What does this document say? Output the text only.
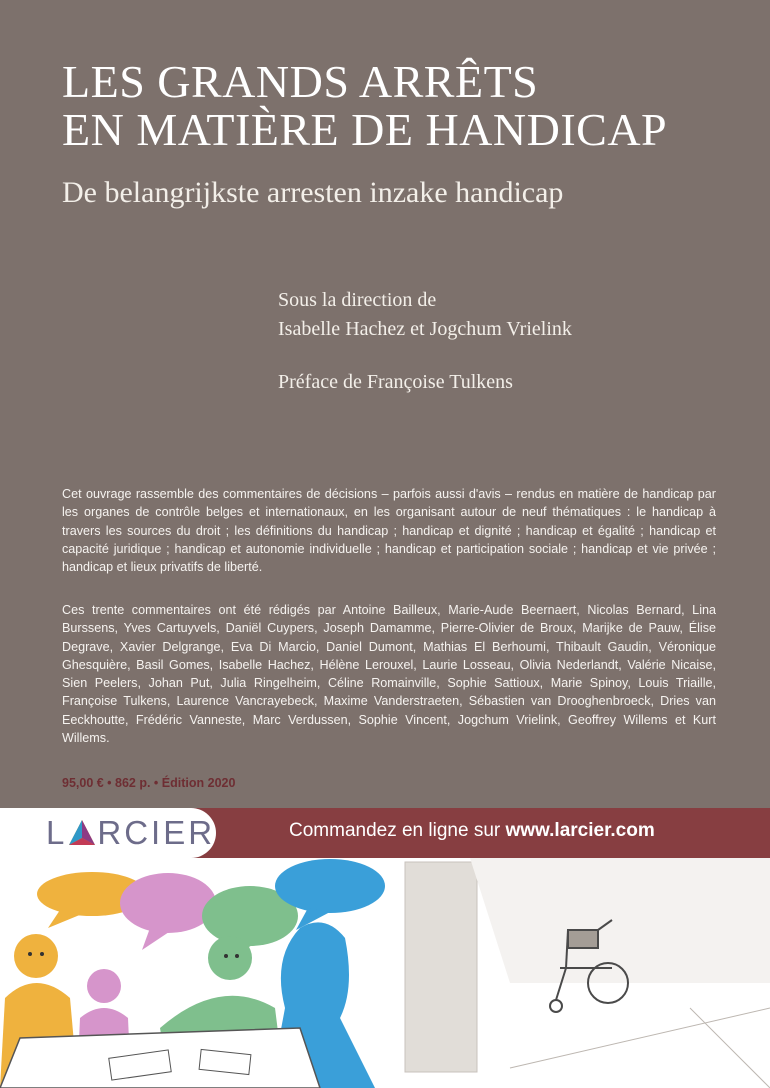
LES GRANDS ARRÊTS
EN MATIÈRE DE HANDICAP
De belangrijkste arresten inzake handicap
Sous la direction de
Isabelle Hachez et Jogchum Vrielink
Préface de Françoise Tulkens
Cet ouvrage rassemble des commentaires de décisions – parfois aussi d'avis – rendus en matière de handicap par les organes de contrôle belges et internationaux, en les organisant autour de neuf thématiques : le handicap à travers les sources du droit ; les définitions du handicap ; handicap et dignité ; handicap et égalité ; handicap et capacité juridique ; handicap et autonomie individuelle ; handicap et participation sociale ; handicap et vie privée ; handicap et lieux privatifs de liberté.
Ces trente commentaires ont été rédigés par Antoine Bailleux, Marie-Aude Beernaert, Nicolas Bernard, Lina Burssens, Yves Cartuyvels, Daniël Cuypers, Joseph Damamme, Pierre-Olivier de Broux, Marijke de Pauw, Élise Degrave, Xavier Delgrange, Eva Di Marcio, Daniel Dumont, Mathias El Berhoumi, Thibault Gaudin, Véronique Ghesquière, Basil Gomes, Isabelle Hachez, Hélène Lerouxel, Laurie Losseau, Olivia Nederlandt, Valérie Nicaise, Sien Peelers, Johan Put, Julia Ringelheim, Céline Romainville, Sophie Sattioux, Marie Spinoy, Louis Triaille, Françoise Tulkens, Laurence Vancrayebeck, Maxime Vanderstraeten, Sébastien van Drooghenbroeck, Dries van Eeckhoutte, Frédéric Vanneste, Marc Verdussen, Sophie Vincent, Jogchum Vrielink, Geoffrey Willems et Kurt Willems.
95,00 € • 862 p. • Édition 2020
L RCIER	Commandez en ligne sur www.larcier.com
